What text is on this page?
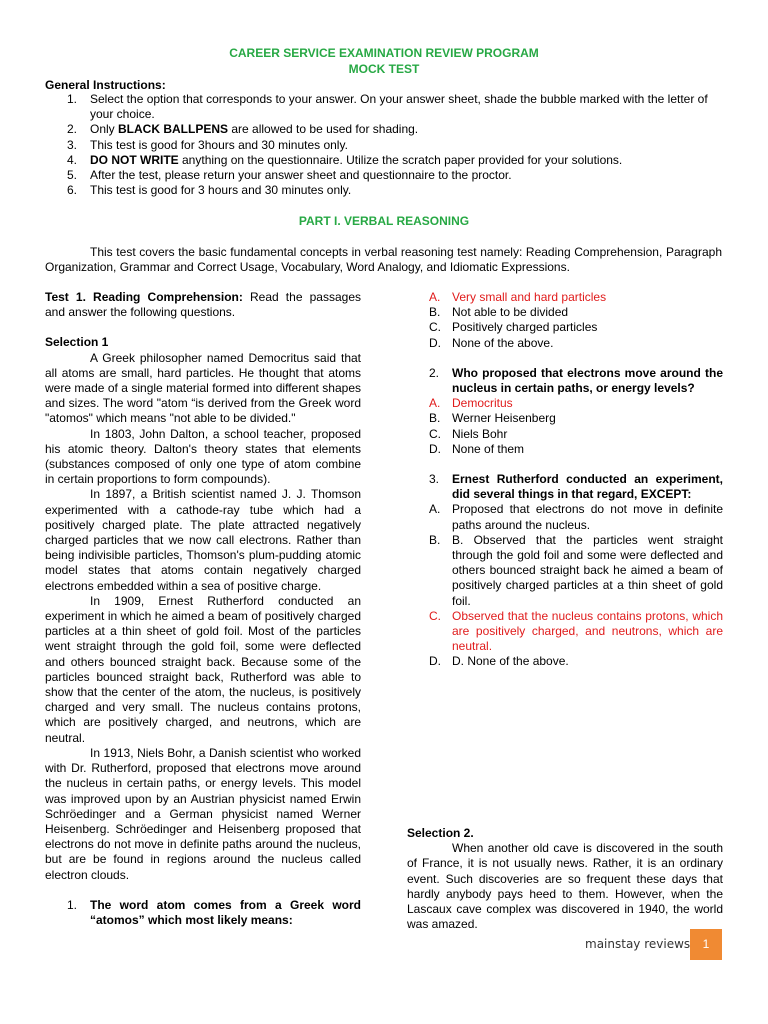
CAREER SERVICE EXAMINATION REVIEW PROGRAM
MOCK TEST
General Instructions:
1. Select the option that corresponds to your answer. On your answer sheet, shade the bubble marked with the letter of your choice.
2. Only BLACK BALLPENS are allowed to be used for shading.
3. This test is good for 3hours and 30 minutes only.
4. DO NOT WRITE anything on the questionnaire. Utilize the scratch paper provided for your solutions.
5. After the test, please return your answer sheet and questionnaire to the proctor.
6. This test is good for 3 hours and 30 minutes only.
PART I. VERBAL REASONING
This test covers the basic fundamental concepts in verbal reasoning test namely: Reading Comprehension, Paragraph Organization, Grammar and Correct Usage, Vocabulary, Word Analogy, and Idiomatic Expressions.

Test 1. Reading Comprehension: Read the passages and answer the following questions.

Selection 1

A Greek philosopher named Democritus said that all atoms are small, hard particles. He thought that atoms were made of a single material formed into different shapes and sizes. The word "atom “is derived from the Greek word "atomos" which means "not able to be divided."

In 1803, John Dalton, a school teacher, proposed his atomic theory. Dalton's theory states that elements (substances composed of only one type of atom combine in certain proportions to form compounds).

In 1897, a British scientist named J. J. Thomson experimented with a cathode-ray tube which had a positively charged plate. The plate attracted negatively charged particles that we now call electrons. Rather than being indivisible particles, Thomson's plum-pudding atomic model states that atoms contain negatively charged electrons embedded within a sea of positive charge.

In 1909, Ernest Rutherford conducted an experiment in which he aimed a beam of positively charged particles at a thin sheet of gold foil. Most of the particles went straight through the gold foil, some were deflected and others bounced straight back. Because some of the particles bounced straight back, Rutherford was able to show that the center of the atom, the nucleus, is positively charged and very small. The nucleus contains protons, which are positively charged, and neutrons, which are neutral.

In 1913, Niels Bohr, a Danish scientist who worked with Dr. Rutherford, proposed that electrons move around the nucleus in certain paths, or energy levels. This model was improved upon by an Austrian physicist named Erwin Schröedinger and a German physicist named Werner Heisenberg. Schröedinger and Heisenberg proposed that electrons do not move in definite paths around the nucleus, but are be found in regions around the nucleus called electron clouds.

1. The word atom comes from a Greek word “atomos” which most likely means:

A. Very small and hard particles
B. Not able to be divided
C. Positively charged particles
D. None of the above.

2. Who proposed that electrons move around the nucleus in certain paths, or energy levels?

A. Democritus
B. Werner Heisenberg
C. Niels Bohr
D. None of them

3. Ernest Rutherford conducted an experiment, did several things in that regard, EXCEPT:

A. Proposed that electrons do not move in definite paths around the nucleus.
B. B. Observed that the particles went straight through the gold foil and some were deflected and others bounced straight back he aimed a beam of positively charged particles at a thin sheet of gold foil.
C. Observed that the nucleus contains protons, which are positively charged, and neutrons, which are neutral.
D. D. None of the above.

Selection 2.

When another old cave is discovered in the south of France, it is not usually news. Rather, it is an ordinary event. Such discoveries are so frequent these days that hardly anybody pays heed to them. However, when the Lascaux cave complex was discovered in 1940, the world was amazed.

mainstay reviews	1
